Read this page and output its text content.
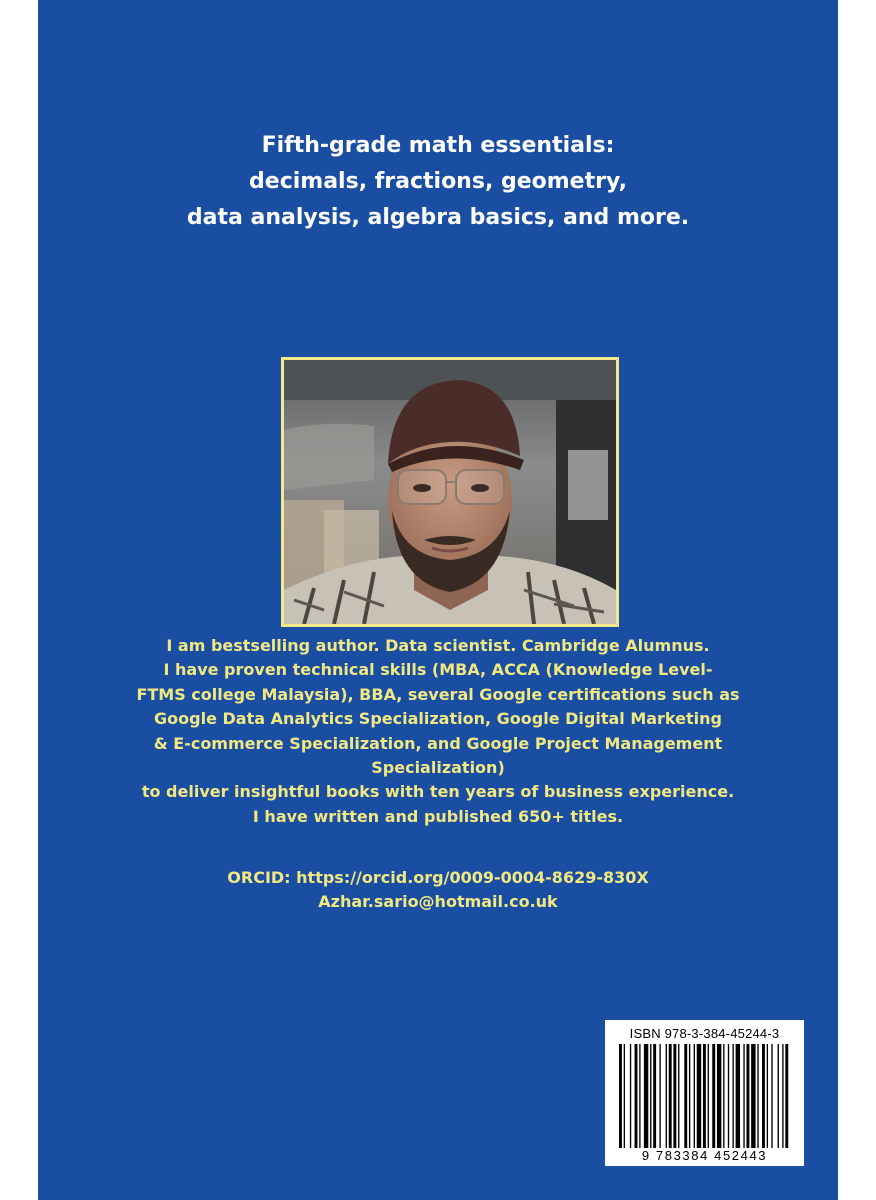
Fifth-grade math essentials:
decimals, fractions, geometry,
data analysis, algebra basics, and more.
I am bestselling author. Data scientist. Cambridge Alumnus.
I have proven technical skills (MBA, ACCA (Knowledge Level-
FTMS college Malaysia), BBA, several Google certifications such as
Google Data Analytics Specialization, Google Digital Marketing
& E-commerce Specialization, and Google Project Management
Specialization)
to deliver insightful books with ten years of business experience.
I have written and published 650+ titles.
ORCID: https://orcid.org/0009-0004-8629-830X
Azhar.sario@hotmail.co.uk
ISBN 978-3-384-45244-3
9 783384 452443
